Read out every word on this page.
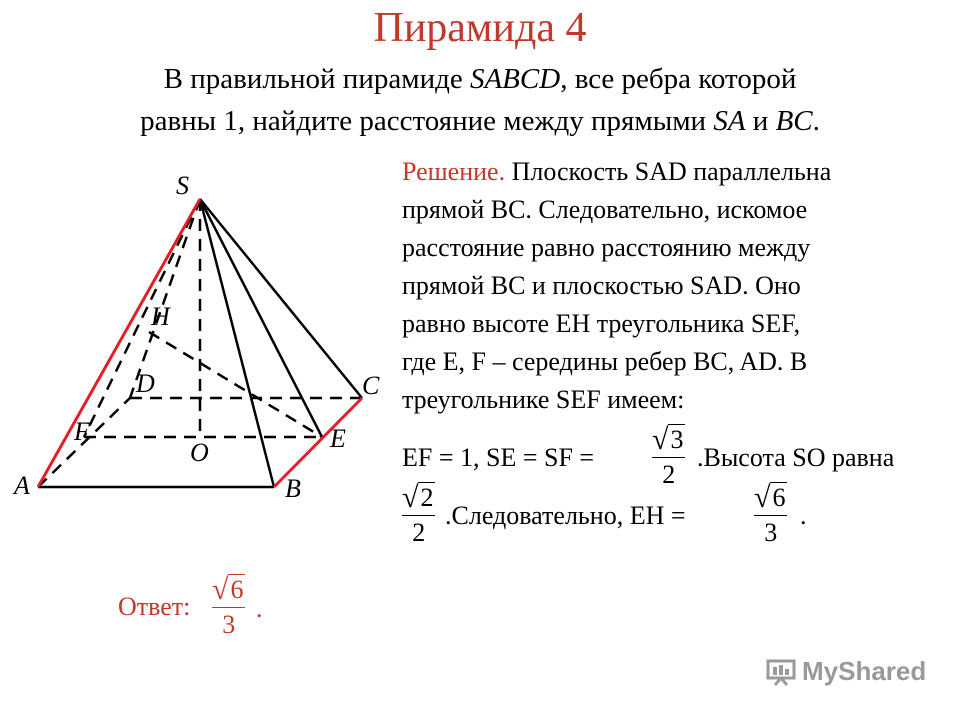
Пирамида 4
В правильной пирамиде SABCD, все ребра которой
равны 1, найдите расстояние между прямыми SA и BC.
S
H
D	C
F
O	E
A	B
Решение. Плоскость SAD параллельна
прямой BC. Следовательно, искомое
расстояние равно расстоянию между
прямой BC и плоскостью SAD. Оно
равно высоте EH треугольника SEF,
где E, F – середины ребер BC, AD. В
треугольнике SEF имеем:
EF = 1, SE = SF =
√ 3
2
.Высота SO равна
√ 2
2
.Следовательно, EH =
√ 6
3
.
Ответ:
√ 6
3
.
MyShared
